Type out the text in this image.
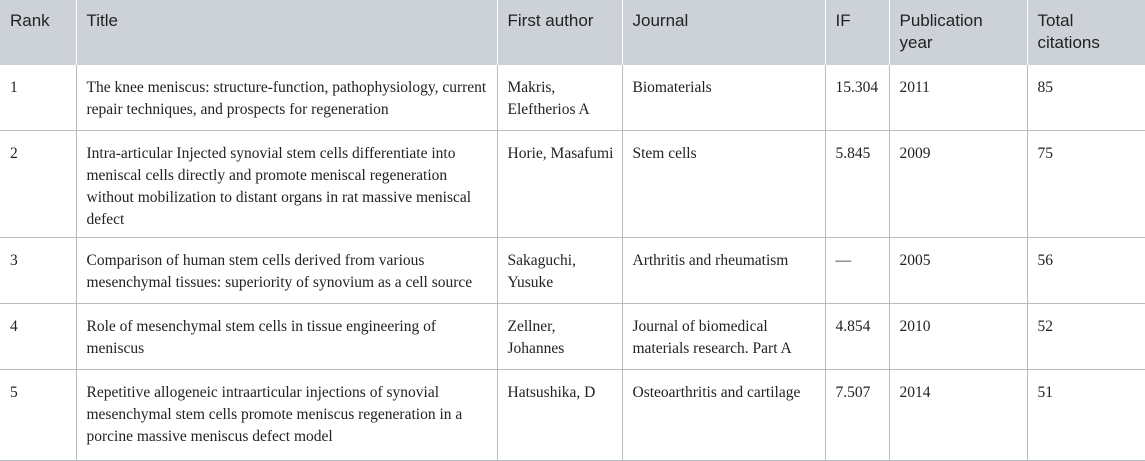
Rank	Title	First author	Journal	IF	Publication year	Total citations
1	The knee meniscus: structure-function, pathophysiology, current repair techniques, and prospects for regeneration	Makris, Eleftherios A	Biomaterials	15.304	2011	85
2	Intra-articular Injected synovial stem cells differentiate into meniscal cells directly and promote meniscal regeneration without mobilization to distant organs in rat massive meniscal defect	Horie, Masafumi	Stem cells	5.845	2009	75
3	Comparison of human stem cells derived from various mesenchymal tissues: superiority of synovium as a cell source	Sakaguchi, Yusuke	Arthritis and rheumatism	—	2005	56
4	Role of mesenchymal stem cells in tissue engineering of meniscus	Zellner, Johannes	Journal of biomedical materials research. Part A	4.854	2010	52
5	Repetitive allogeneic intraarticular injections of synovial mesenchymal stem cells promote meniscus regeneration in a porcine massive meniscus defect model	Hatsushika, D	Osteoarthritis and cartilage	7.507	2014	51
